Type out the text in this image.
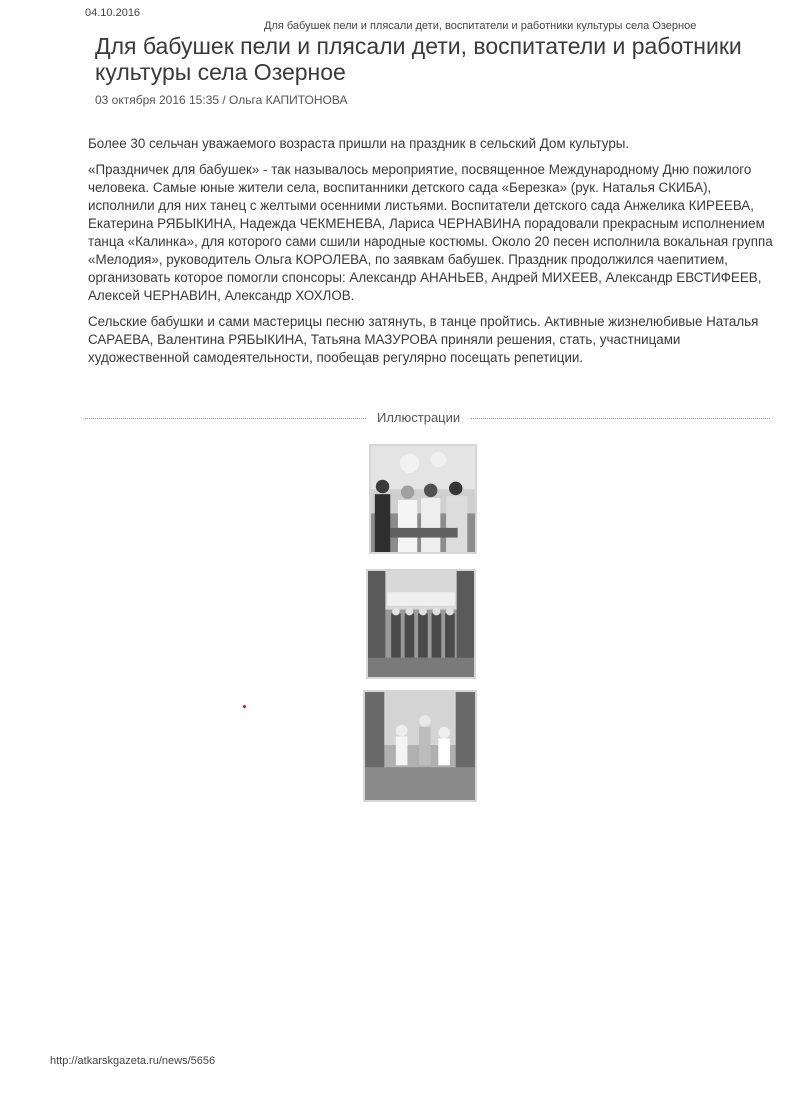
04.10.2016
Для бабушек пели и плясали дети, воспитатели и работники культуры села Озерное
Для бабушек пели и плясали дети, воспитатели и работники культуры села Озерное
03 октября 2016 15:35 / Ольга КАПИТОНОВА

Более 30 сельчан уважаемого возраста пришли на праздник в сельский Дом культуры.

«Праздничек для бабушек» - так называлось мероприятие, посвященное Международному Дню пожилого человека. Самые юные жители села, воспитанники детского сада «Березка» (рук. Наталья СКИБА), исполнили для них танец с желтыми осенними листьями. Воспитатели детского сада Анжелика КИРЕЕВА, Екатерина РЯБЫКИНА, Надежда ЧЕКМЕНЕВА, Лариса ЧЕРНАВИНА порадовали прекрасным исполнением танца «Калинка», для которого сами сшили народные костюмы. Около 20 песен исполнила вокальная группа «Мелодия», руководитель Ольга КОРОЛЕВА, по заявкам бабушек. Праздник продолжился чаепитием, организовать которое помогли спонсоры: Александр АНАНЬЕВ, Андрей МИХЕЕВ, Александр ЕВСТИФЕЕВ, Алексей ЧЕРНАВИН, Александр ХОХЛОВ.

Сельские бабушки и сами мастерицы песню затянуть, в танце пройтись. Активные жизнелюбивые Наталья САРАЕВА, Валентина РЯБЫКИНА, Татьяна МАЗУРОВА приняли решения, стать, участницами художественной самодеятельности, пообещав регулярно посещать репетиции.

Иллюстрации
http://atkarskgazeta.ru/news/5656
